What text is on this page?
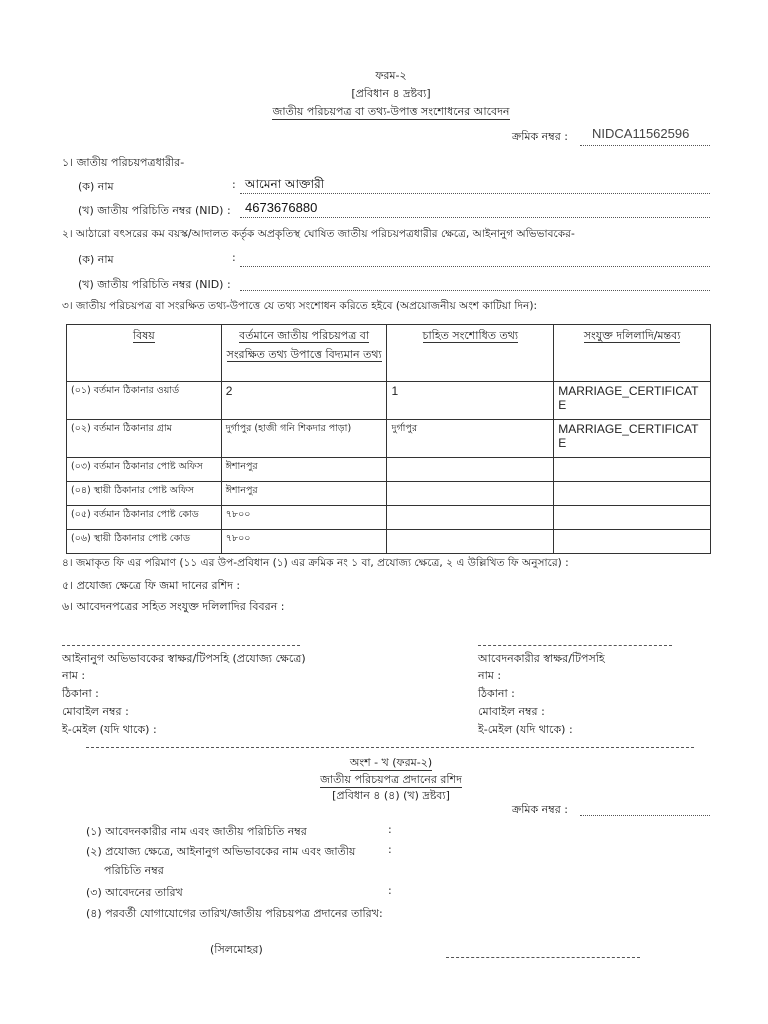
ফরম-২
[প্রবিধান ৪ দ্রষ্টব্য]
জাতীয় পরিচয়পত্র বা তথ্য-উপাত্ত সংশোধনের আবেদন
ক্রমিক নম্বর : NIDCA11562596
১। জাতীয় পরিচয়পত্রধারীর-
(ক) নাম	: আমেনা আক্তারী
(খ) জাতীয় পরিচিতি নম্বর (NID) : 4673676880
২। আঠারো বৎসরের কম বয়স্ক/আদালত কর্তৃক অপ্রকৃতিস্থ ঘোষিত জাতীয় পরিচয়পত্রধারীর ক্ষেত্রে, আইনানুগ অভিভাবকের-
(ক) নাম	:
(খ) জাতীয় পরিচিতি নম্বর (NID) :
৩। জাতীয় পরিচয়পত্র বা সংরক্ষিত তথ্য-উপাত্তে যে তথ্য সংশোধন করিতে হইবে (অপ্রয়োজনীয় অংশ কাটিয়া দিন):
বিষয়	বর্তমানে জাতীয় পরিচয়পত্র বা সংরক্ষিত তথ্য উপাত্তে বিদ্যমান তথ্য	চাহিত সংশোধিত তথ্য	সংযুক্ত দলিলাদি/মন্তব্য
(০১) বর্তমান ঠিকানার ওয়ার্ড	2	1	MARRIAGE_CERTIFICATE
(০২) বর্তমান ঠিকানার গ্রাম	দুর্গাপুর (হাজী গনি শিকদার পাড়া)	দুর্গাপুর	MARRIAGE_CERTIFICATE
(০৩) বর্তমান ঠিকানার পোষ্ট অফিস	ঈশানপুর		
(০৪) স্থায়ী ঠিকানার পোষ্ট অফিস	ঈশানপুর		
(০৫) বর্তমান ঠিকানার পোষ্ট কোড	৭৮০০		
(০৬) স্থায়ী ঠিকানার পোষ্ট কোড	৭৮০০		
৪। জমাকৃত ফি এর পরিমাণ (১১ এর উপ-প্রবিধান (১) এর ক্রমিক নং ১ বা, প্রযোজ্য ক্ষেত্রে, ২ এ উল্লিখিত ফি অনুসারে) :
৫। প্রযোজ্য ক্ষেত্রে ফি জমা দানের রশিদ :
৬। আবেদনপত্রের সহিত সংযুক্ত দলিলাদির বিবরন :
আইনানুগ অভিভাবকের স্বাক্ষর/টিপসহি (প্রযোজ্য ক্ষেত্রে)
নাম :
ঠিকানা :
মোবাইল নম্বর :
ই-মেইল (যদি থাকে) :
আবেদনকারীর স্বাক্ষর/টিপসহি
নাম :
ঠিকানা :
মোবাইল নম্বর :
ই-মেইল (যদি থাকে) :
অংশ - খ (ফরম-২)
জাতীয় পরিচয়পত্র প্রদানের রশিদ
[প্রবিধান ৪ (৪) (খ) দ্রষ্টব্য]
ক্রমিক নম্বর :
(১) আবেদনকারীর নাম এবং জাতীয় পরিচিতি নম্বর	:
(২) প্রযোজ্য ক্ষেত্রে, আইনানুগ অভিভাবকের নাম এবং জাতীয়	:
পরিচিতি নম্বর
(৩) আবেদনের তারিখ	:
(৪) পরবর্তী যোগাযোগের তারিখ/জাতীয় পরিচয়পত্র প্রদানের তারিখ:
(সিলমোহর)
